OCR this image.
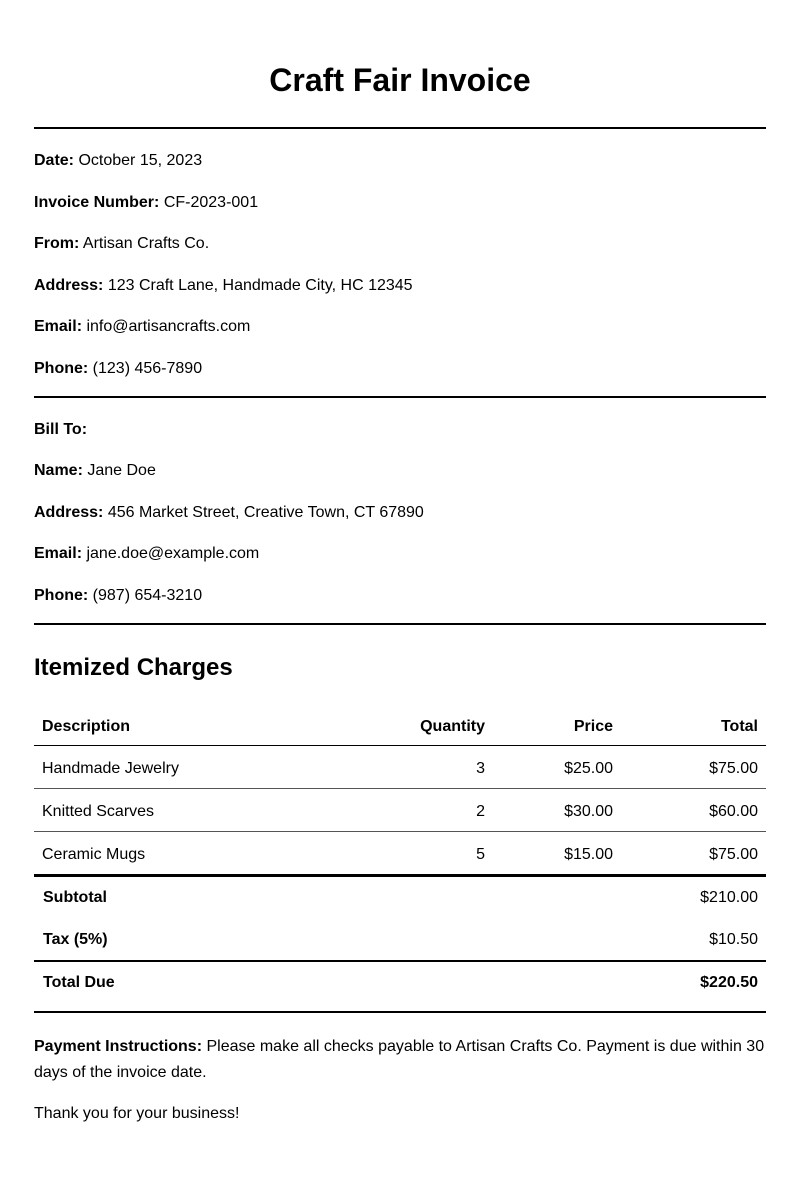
Craft Fair Invoice
Date: October 15, 2023
Invoice Number: CF-2023-001
From: Artisan Crafts Co.
Address: 123 Craft Lane, Handmade City, HC 12345
Email: info@artisancrafts.com
Phone: (123) 456-7890
Bill To:
Name: Jane Doe
Address: 456 Market Street, Creative Town, CT 67890
Email: jane.doe@example.com
Phone: (987) 654-3210
Itemized Charges
Description	Quantity	Price	Total
Handmade Jewelry	3	$25.00	$75.00
Knitted Scarves	2	$30.00	$60.00
Ceramic Mugs	5	$15.00	$75.00
Subtotal	$210.00
Tax (5%)	$10.50
Total Due	$220.50
Payment Instructions: Please make all checks payable to Artisan Crafts Co. Payment is due within 30 days of the invoice date.
Thank you for your business!
